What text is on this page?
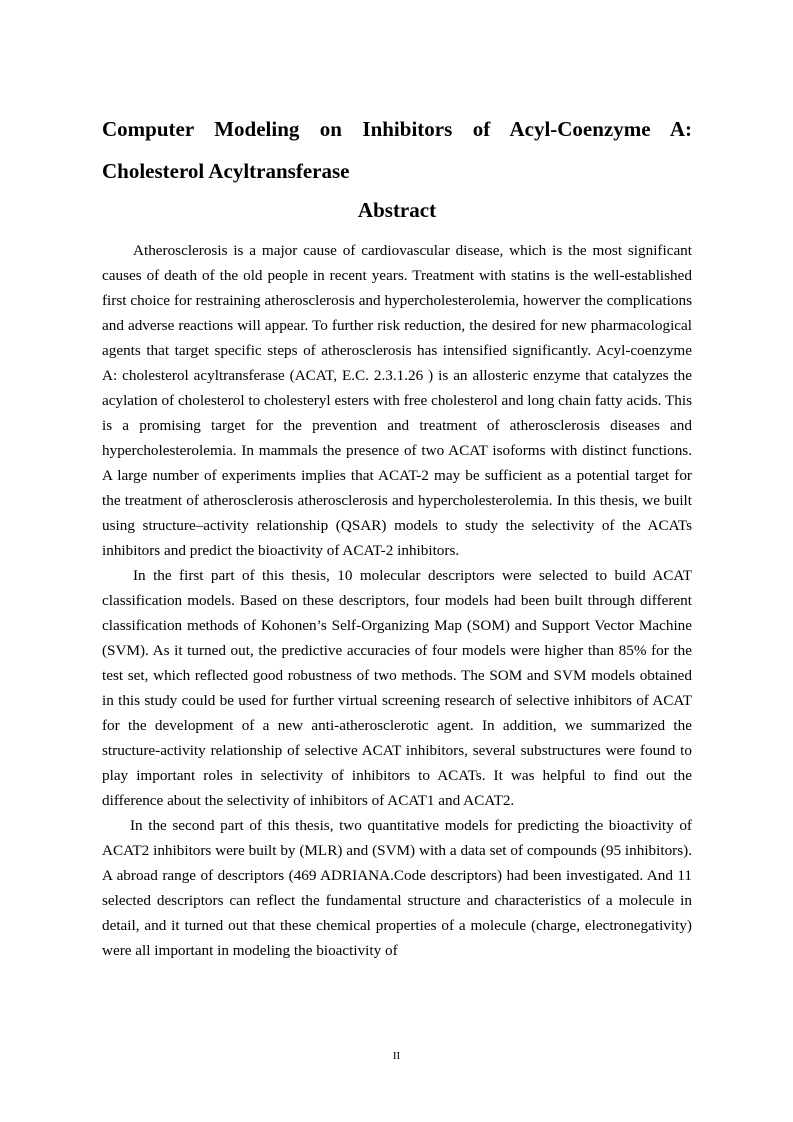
Computer Modeling on Inhibitors of Acyl-Coenzyme A: Cholesterol Acyltransferase
Abstract

Atherosclerosis is a major cause of cardiovascular disease, which is the most significant causes of death of the old people in recent years. Treatment with statins is the well-established first choice for restraining atherosclerosis and hypercholesterolemia, howerver the complications and adverse reactions will appear. To further risk reduction, the desired for new pharmacological agents that target specific steps of atherosclerosis has intensified significantly. Acyl-coenzyme A: cholesterol acyltransferase (ACAT, E.C. 2.3.1.26 ) is an allosteric enzyme that catalyzes the acylation of cholesterol to cholesteryl esters with free cholesterol and long chain fatty acids. This is a promising target for the prevention and treatment of atherosclerosis diseases and hypercholesterolemia. In mammals the presence of two ACAT isoforms with distinct functions. A large number of experiments implies that ACAT-2 may be sufficient as a potential target for the treatment of atherosclerosis atherosclerosis and hypercholesterolemia. In this thesis, we built using structure–activity relationship (QSAR) models to study the selectivity of the ACATs inhibitors and predict the bioactivity of ACAT-2 inhibitors.

In the first part of this thesis, 10 molecular descriptors were selected to build ACAT classification models. Based on these descriptors, four models had been built through different classification methods of Kohonen’s Self-Organizing Map (SOM) and Support Vector Machine (SVM). As it turned out, the predictive accuracies of four models were higher than 85% for the test set, which reflected good robustness of two methods. The SOM and SVM models obtained in this study could be used for further virtual screening research of selective inhibitors of ACAT for the development of a new anti-atherosclerotic agent. In addition, we summarized the structure-activity relationship of selective ACAT inhibitors, several substructures were found to play important roles in selectivity of inhibitors to ACATs. It was helpful to find out the difference about the selectivity of inhibitors of ACAT1 and ACAT2.

In the second part of this thesis, two quantitative models for predicting the bioactivity of ACAT2 inhibitors were built by (MLR) and (SVM) with a data set of compounds (95 inhibitors). A abroad range of descriptors (469 ADRIANA.Code descriptors) had been investigated. And 11 selected descriptors can reflect the fundamental structure and characteristics of a molecule in detail, and it turned out that these chemical properties of a molecule (charge, electronegativity) were all important in modeling the bioactivity of

II
